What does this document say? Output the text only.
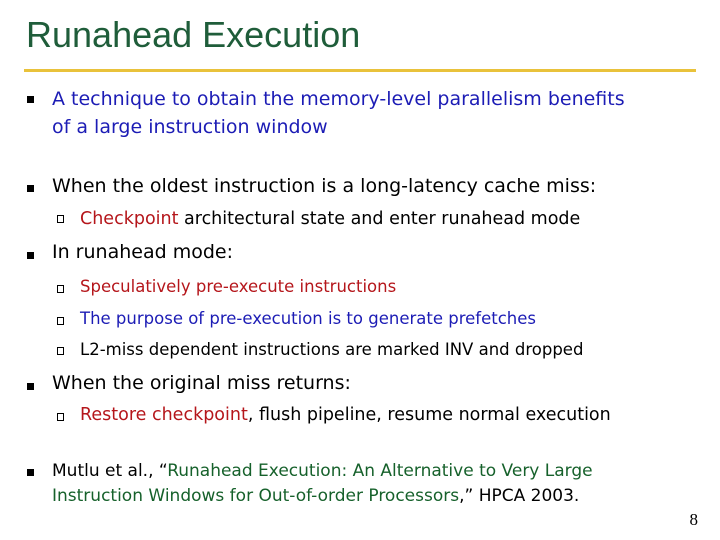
Runahead Execution
A technique to obtain the memory-level parallelism benefits
of a large instruction window
When the oldest instruction is a long-latency cache miss:
Checkpoint architectural state and enter runahead mode
In runahead mode:
Speculatively pre-execute instructions
The purpose of pre-execution is to generate prefetches
L2-miss dependent instructions are marked INV and dropped
When the original miss returns:
Restore checkpoint, flush pipeline, resume normal execution
Mutlu et al., “Runahead Execution: An Alternative to Very Large
Instruction Windows for Out-of-order Processors,” HPCA 2003.
8
